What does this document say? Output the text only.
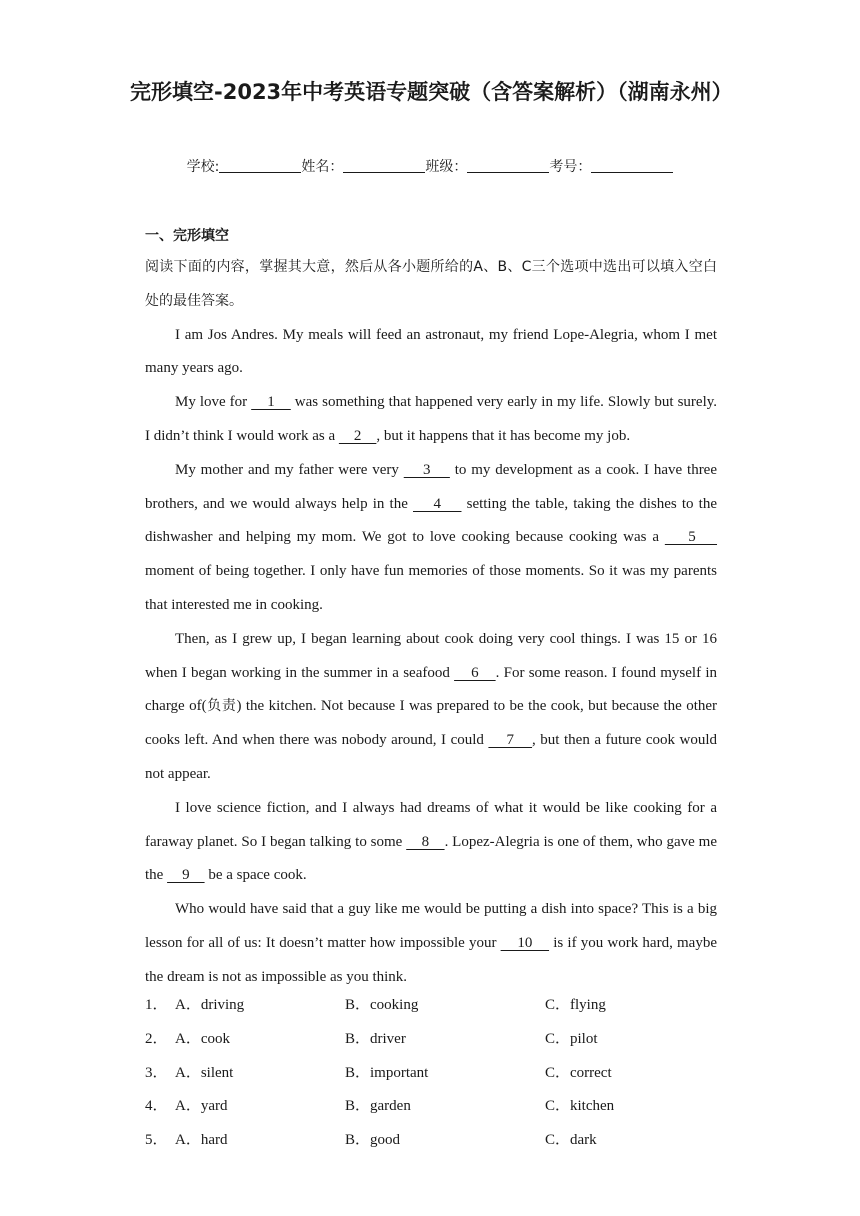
完形填空-2023年中考英语专题突破（含答案解析）（湖南永州）
学校:	姓名：	班级：	考号：
一、完形填空

阅读下面的内容，掌握其大意，然后从各小题所给的A、B、C三个选项中选出可以填入空白处的最佳答案。

I am Jos Andres. My meals will feed an astronaut, my friend Lope-Alegria, whom I met many years ago.

My love for     1     was something that happened very early in my life. Slowly but surely. I didn’t think I would work as a     2    , but it happens that it has become my job.

My mother and my father were very     3     to my development as a cook. I have three brothers, and we would always help in the     4     setting the table, taking the dishes to the dishwasher and helping my mom. We got to love cooking because cooking was a     5     moment of being together. I only have fun memories of those moments. So it was my parents that interested me in cooking.

Then, as I grew up, I began learning about cook doing very cool things. I was 15 or 16 when I began working in the summer in a seafood     6    . For some reason. I found myself in charge of(负责) the kitchen. Not because I was prepared to be the cook, but because the other cooks left. And when there was nobody around, I could     7    , but then a future cook would not appear.

I love science fiction, and I always had dreams of what it would be like cooking for a faraway planet. So I began talking to some     8    . Lopez-Alegria is one of them, who gave me the     9     be a space cook.

Who would have said that a guy like me would be putting a dish into space? This is a big lesson for all of us: It doesn’t matter how impossible your     10     is if you work hard, maybe the dream is not as impossible as you think.

1． A．driving	B．cooking	C．flying
2． A．cook	B．driver	C．pilot
3． A．silent	B．important	C．correct
4． A．yard	B．garden	C．kitchen
5． A．hard	B．good	C．dark
